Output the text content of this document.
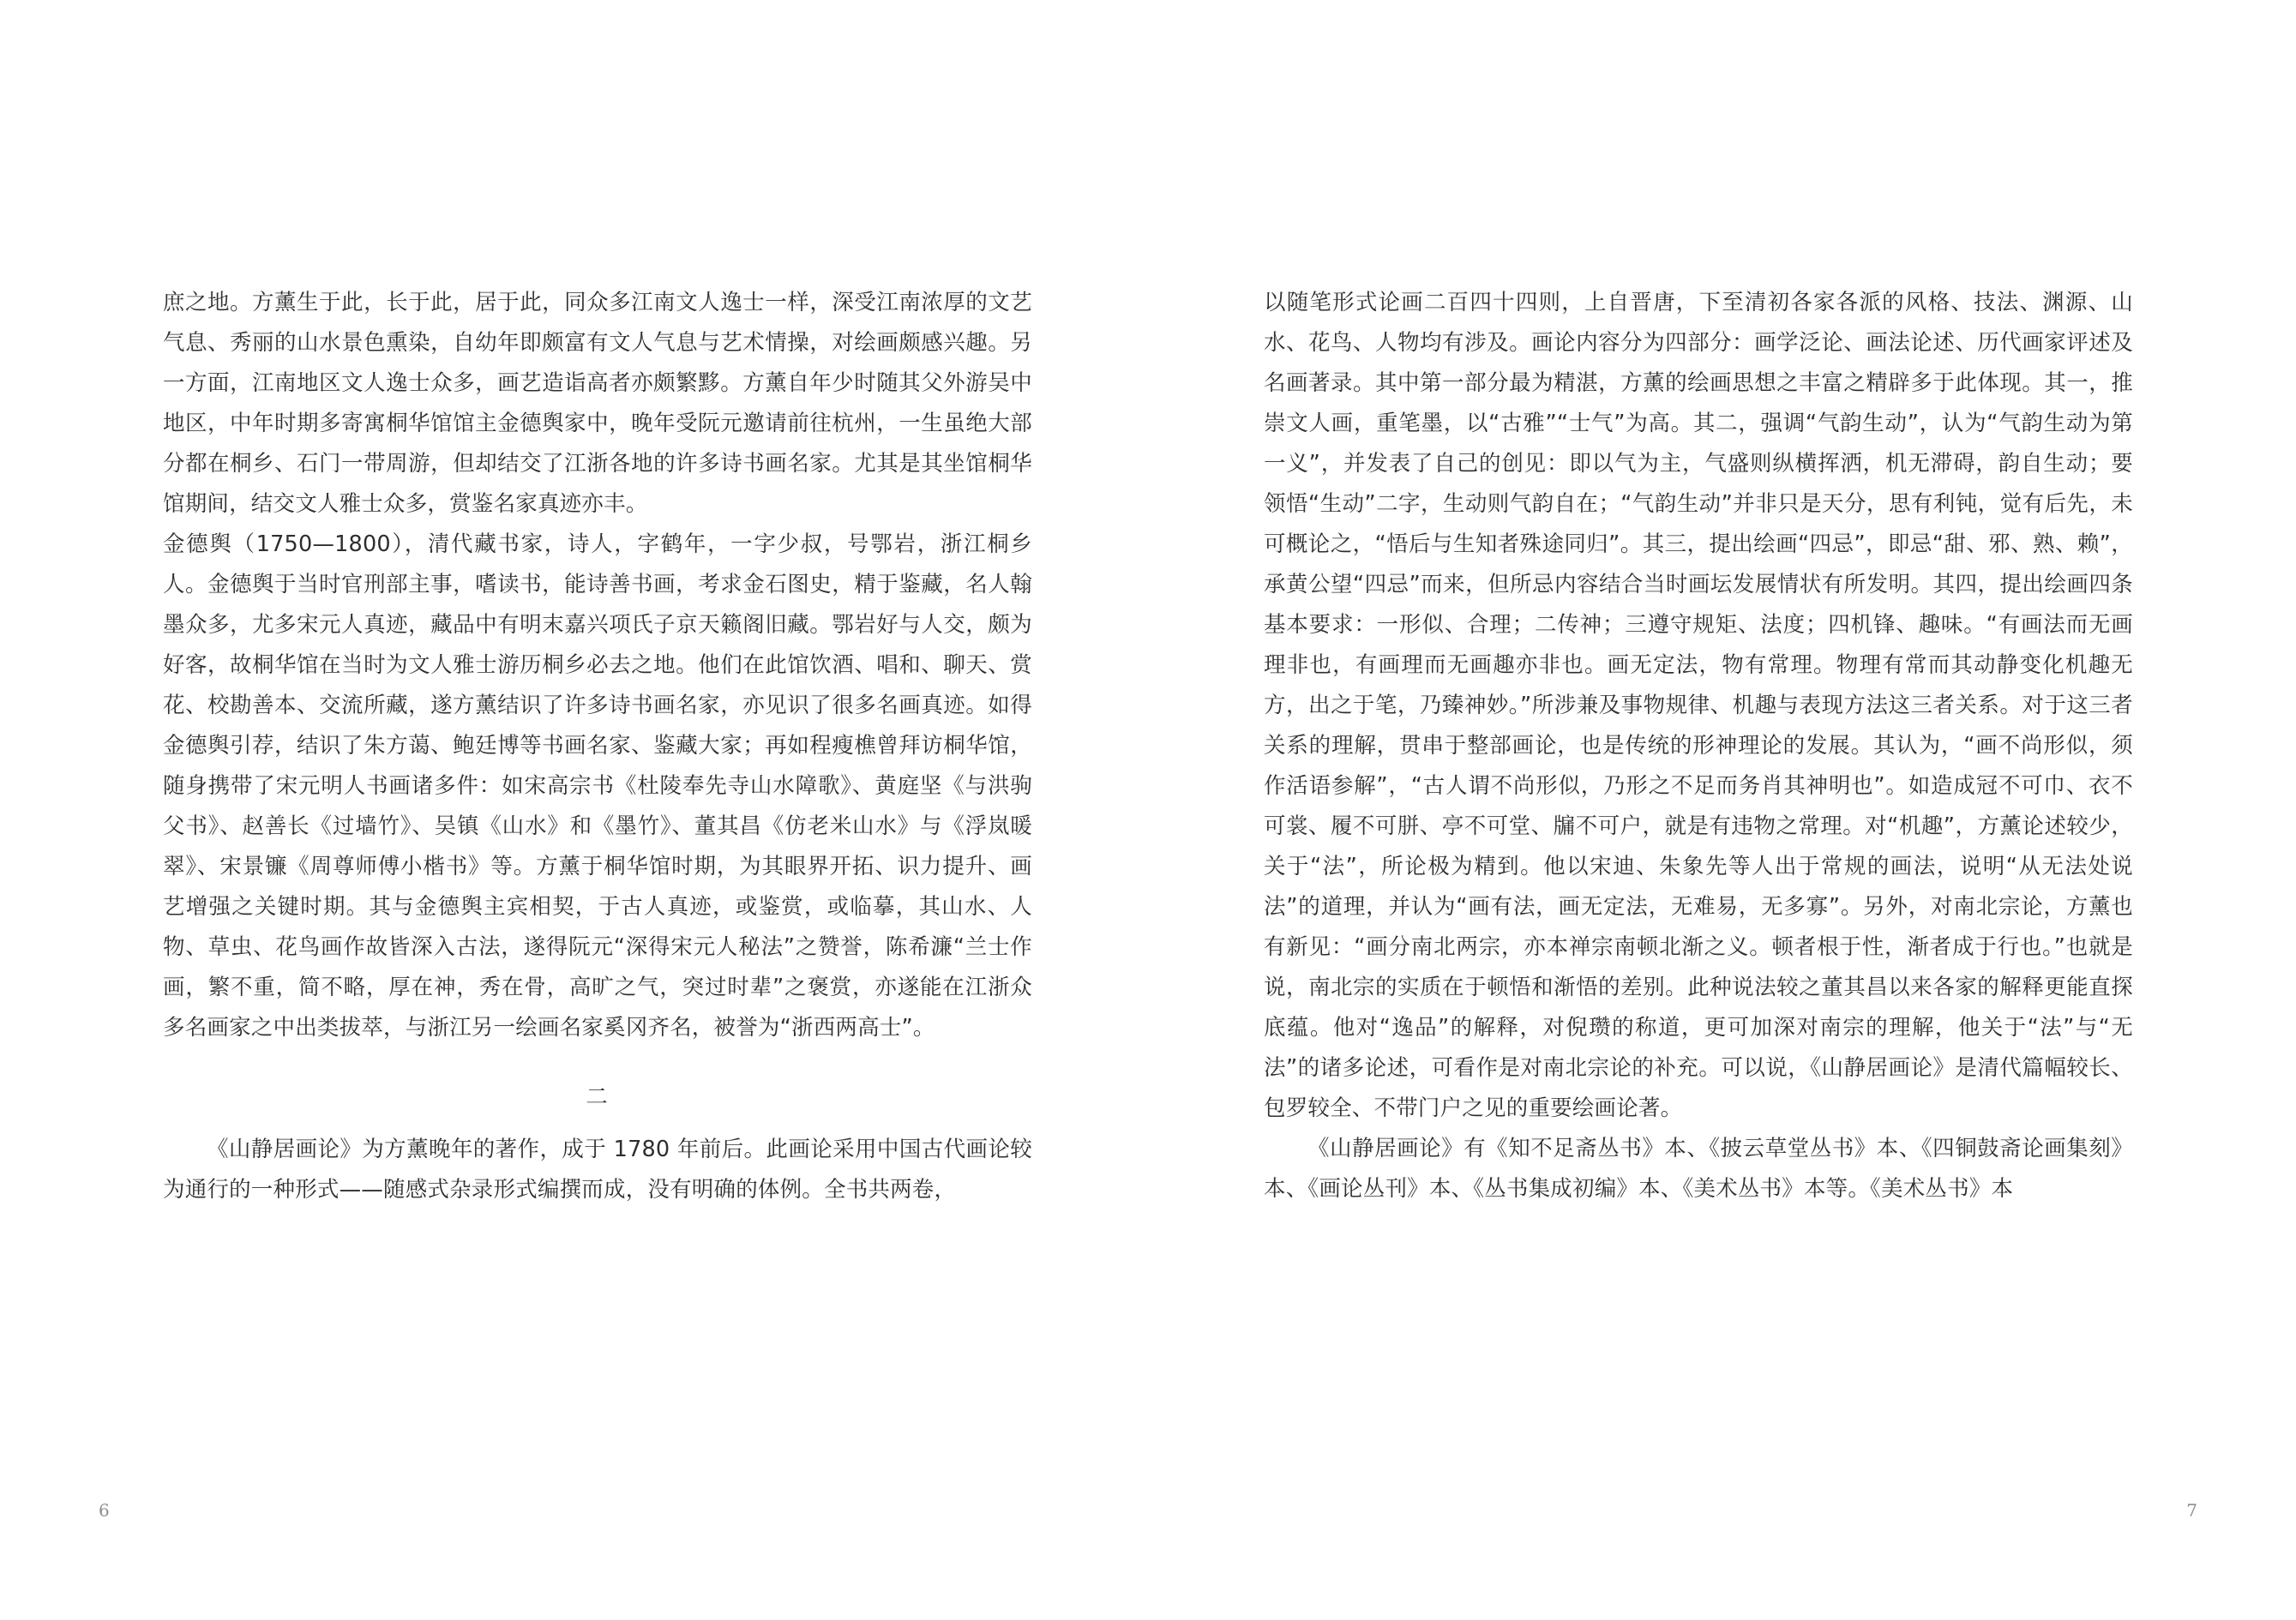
庶之地。方薰生于此，长于此，居于此，同众多江南文人逸士一样，深受江南浓厚的文艺气息、秀丽的山水景色熏染，自幼年即颇富有文人气息与艺术情操，对绘画颇感兴趣。另一方面，江南地区文人逸士众多，画艺造诣高者亦颇繁黟。方薰自年少时随其父外游吴中地区，中年时期多寄寓桐华馆馆主金德舆家中，晚年受阮元邀请前往杭州，一生虽绝大部分都在桐乡、石门一带周游，但却结交了江浙各地的许多诗书画名家。尤其是其坐馆桐华馆期间，结交文人雅士众多，赏鉴名家真迹亦丰。

金德舆（1750—1800），清代藏书家，诗人，字鹤年，一字少叔，号鄂岩，浙江桐乡人。金德舆于当时官刑部主事，嗜读书，能诗善书画，考求金石图史，精于鉴藏，名人翰墨众多，尤多宋元人真迹，藏品中有明末嘉兴项氏子京天籁阁旧藏。鄂岩好与人交，颇为好客，故桐华馆在当时为文人雅士游历桐乡必去之地。他们在此馆饮酒、唱和、聊天、赏花、校勘善本、交流所藏，遂方薰结识了许多诗书画名家，亦见识了很多名画真迹。如得金德舆引荐，结识了朱方蔼、鲍廷博等书画名家、鉴藏大家；再如程瘦樵曾拜访桐华馆，随身携带了宋元明人书画诸多件：如宋高宗书《杜陵奉先寺山水障歌》、黄庭坚《与洪驹父书》、赵善长《过墙竹》、吴镇《山水》和《墨竹》、董其昌《仿老米山水》与《浮岚暖翠》、宋景镰《周尊师傅小楷书》等。方薰于桐华馆时期，为其眼界开拓、识力提升、画艺增强之关键时期。其与金德舆主宾相契，于古人真迹，或鉴赏，或临摹，其山水、人物、草虫、花鸟画作故皆深入古法，遂得阮元“深得宋元人秘法”之赞誉，陈希濂“兰士作画，繁不重，简不略，厚在神，秀在骨，高旷之气，突过时辈”之褒赏，亦遂能在江浙众多名画家之中出类拔萃，与浙江另一绘画名家奚冈齐名，被誉为“浙西两高士”。

二

《山静居画论》为方薰晚年的著作，成于 1780 年前后。此画论采用中国古代画论较为通行的一种形式——随感式杂录形式编撰而成，没有明确的体例。全书共两卷，

6

以随笔形式论画二百四十四则，上自晋唐，下至清初各家各派的风格、技法、渊源、山水、花鸟、人物均有涉及。画论内容分为四部分：画学泛论、画法论述、历代画家评述及名画著录。其中第一部分最为精湛，方薰的绘画思想之丰富之精辟多于此体现。其一，推崇文人画，重笔墨，以“古雅”“士气”为高。其二，强调“气韵生动”，认为“气韵生动为第一义”，并发表了自己的创见：即以气为主，气盛则纵横挥洒，机无滞碍，韵自生动；要领悟“生动”二字，生动则气韵自在；“气韵生动”并非只是天分，思有利钝，觉有后先，未可概论之，“悟后与生知者殊途同归”。其三，提出绘画“四忌”，即忌“甜、邪、熟、赖”，承黄公望“四忌”而来，但所忌内容结合当时画坛发展情状有所发明。其四，提出绘画四条基本要求：一形似、合理；二传神；三遵守规矩、法度；四机锋、趣味。“有画法而无画理非也，有画理而无画趣亦非也。画无定法，物有常理。物理有常而其动静变化机趣无方，出之于笔，乃臻神妙。”所涉兼及事物规律、机趣与表现方法这三者关系。对于这三者关系的理解，贯串于整部画论，也是传统的形神理论的发展。其认为，“画不尚形似，须作活语参解”，“古人谓不尚形似，乃形之不足而务肖其神明也”。如造成冠不可巾、衣不可裳、履不可胼、亭不可堂、牖不可户，就是有违物之常理。对“机趣”，方薰论述较少，关于“法”，所论极为精到。他以宋迪、朱象先等人出于常规的画法，说明“从无法处说法”的道理，并认为“画有法，画无定法，无难易，无多寡”。另外，对南北宗论，方薰也有新见：“画分南北两宗，亦本禅宗南顿北渐之义。顿者根于性，渐者成于行也。”也就是说，南北宗的实质在于顿悟和渐悟的差别。此种说法较之董其昌以来各家的解释更能直探底蕴。他对“逸品”的解释，对倪瓒的称道，更可加深对南宗的理解，他关于“法”与“无法”的诸多论述，可看作是对南北宗论的补充。可以说，《山静居画论》是清代篇幅较长、包罗较全、不带门户之见的重要绘画论著。

《山静居画论》有《知不足斋丛书》本、《披云草堂丛书》本、《四铜鼓斋论画集刻》本、《画论丛刊》本、《丛书集成初编》本、《美术丛书》本等。《美术丛书》本

7
